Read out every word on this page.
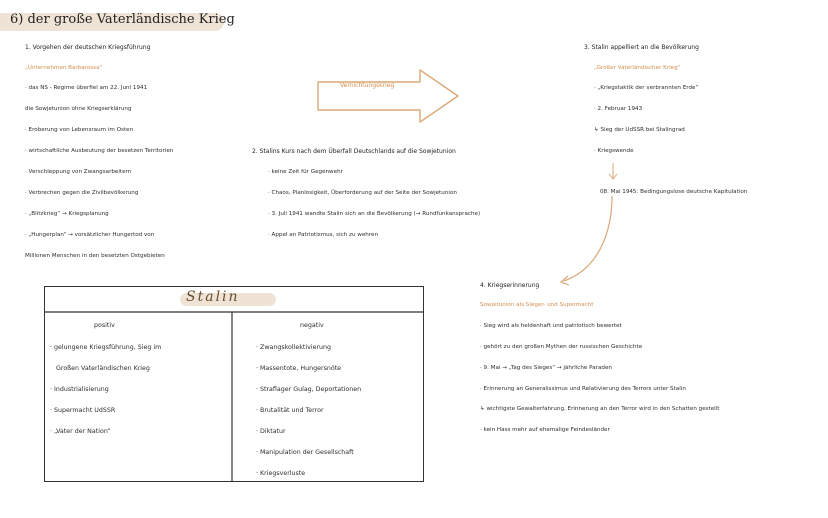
6) der große Vaterländische Krieg
Vernichtungskrieg
1. Vorgehen der deutschen Kriegsführung
„Unternehmen Barbarossa“
· das NS - Regime überfiel am 22. Juni 1941
die Sowjetunion ohne Kriegserklärung
· Eroberung von Lebensraum im Osten
· wirtschaftliche Ausbeutung der besetzen Territorien
· Verschleppung von Zwangsarbeitern
· Verbrechen gegen die Zivilbevölkerung
· „Blitzkrieg“ → Kriegsplanung
· „Hungerplan“ → vorsätzlicher Hungertod von
Millionen Menschen in den besetzten Ostgebieten
2. Stalins Kurs nach dem Überfall Deutschlands auf die Sowjetunion
· keine Zeit für Gegenwehr
· Chaos, Planlosigkeit, Überforderung auf der Seite der Sowjetunion
· 3. Juli 1941 wandte Stalin sich an die Bevölkerung (→ Rundfunkansprache)
· Appel an Patriotismus, sich zu wehren
3. Stalin appelliert an die Bevölkerung
„Großer Vaterländischer Krieg“
· „Kriegstaktik der verbrannten Erde“
· 2. Februar 1943
↳ Sieg der UdSSR bei Stalingrad
· Kriegswende
08. Mai 1945: Bedingungslose deutsche Kapitulation
4. Kriegserinnerung
Sowjetunion als Sieger- und Supermacht
· Sieg wird als heldenhaft und patriotisch bewertet
· gehört zu den großen Mythen der russischen Geschichte
· 9. Mai → „Tag des Sieges“ → jährliche Paraden
· Erinnerung an Generalissimus und Relativierung des Terrors unter Stalin
↳ wichtigste Gewalterfahrung, Erinnerung an den Terror wird in den Schatten gestellt
· kein Hass mehr auf ehemalige Feindesländer
Stalin
positiv	negativ
· gelungene Kriegsführung, Sieg im
Großen Vaterländischen Krieg
· Industrialisierung
· Supermacht UdSSR
· „Vater der Nation“
· Zwangskollektivierung
· Massentote, Hungersnöte
· Straflager Gulag, Deportationen
· Brutalität und Terror
· Diktatur
· Manipulation der Gesellschaft
· Kriegsverluste
